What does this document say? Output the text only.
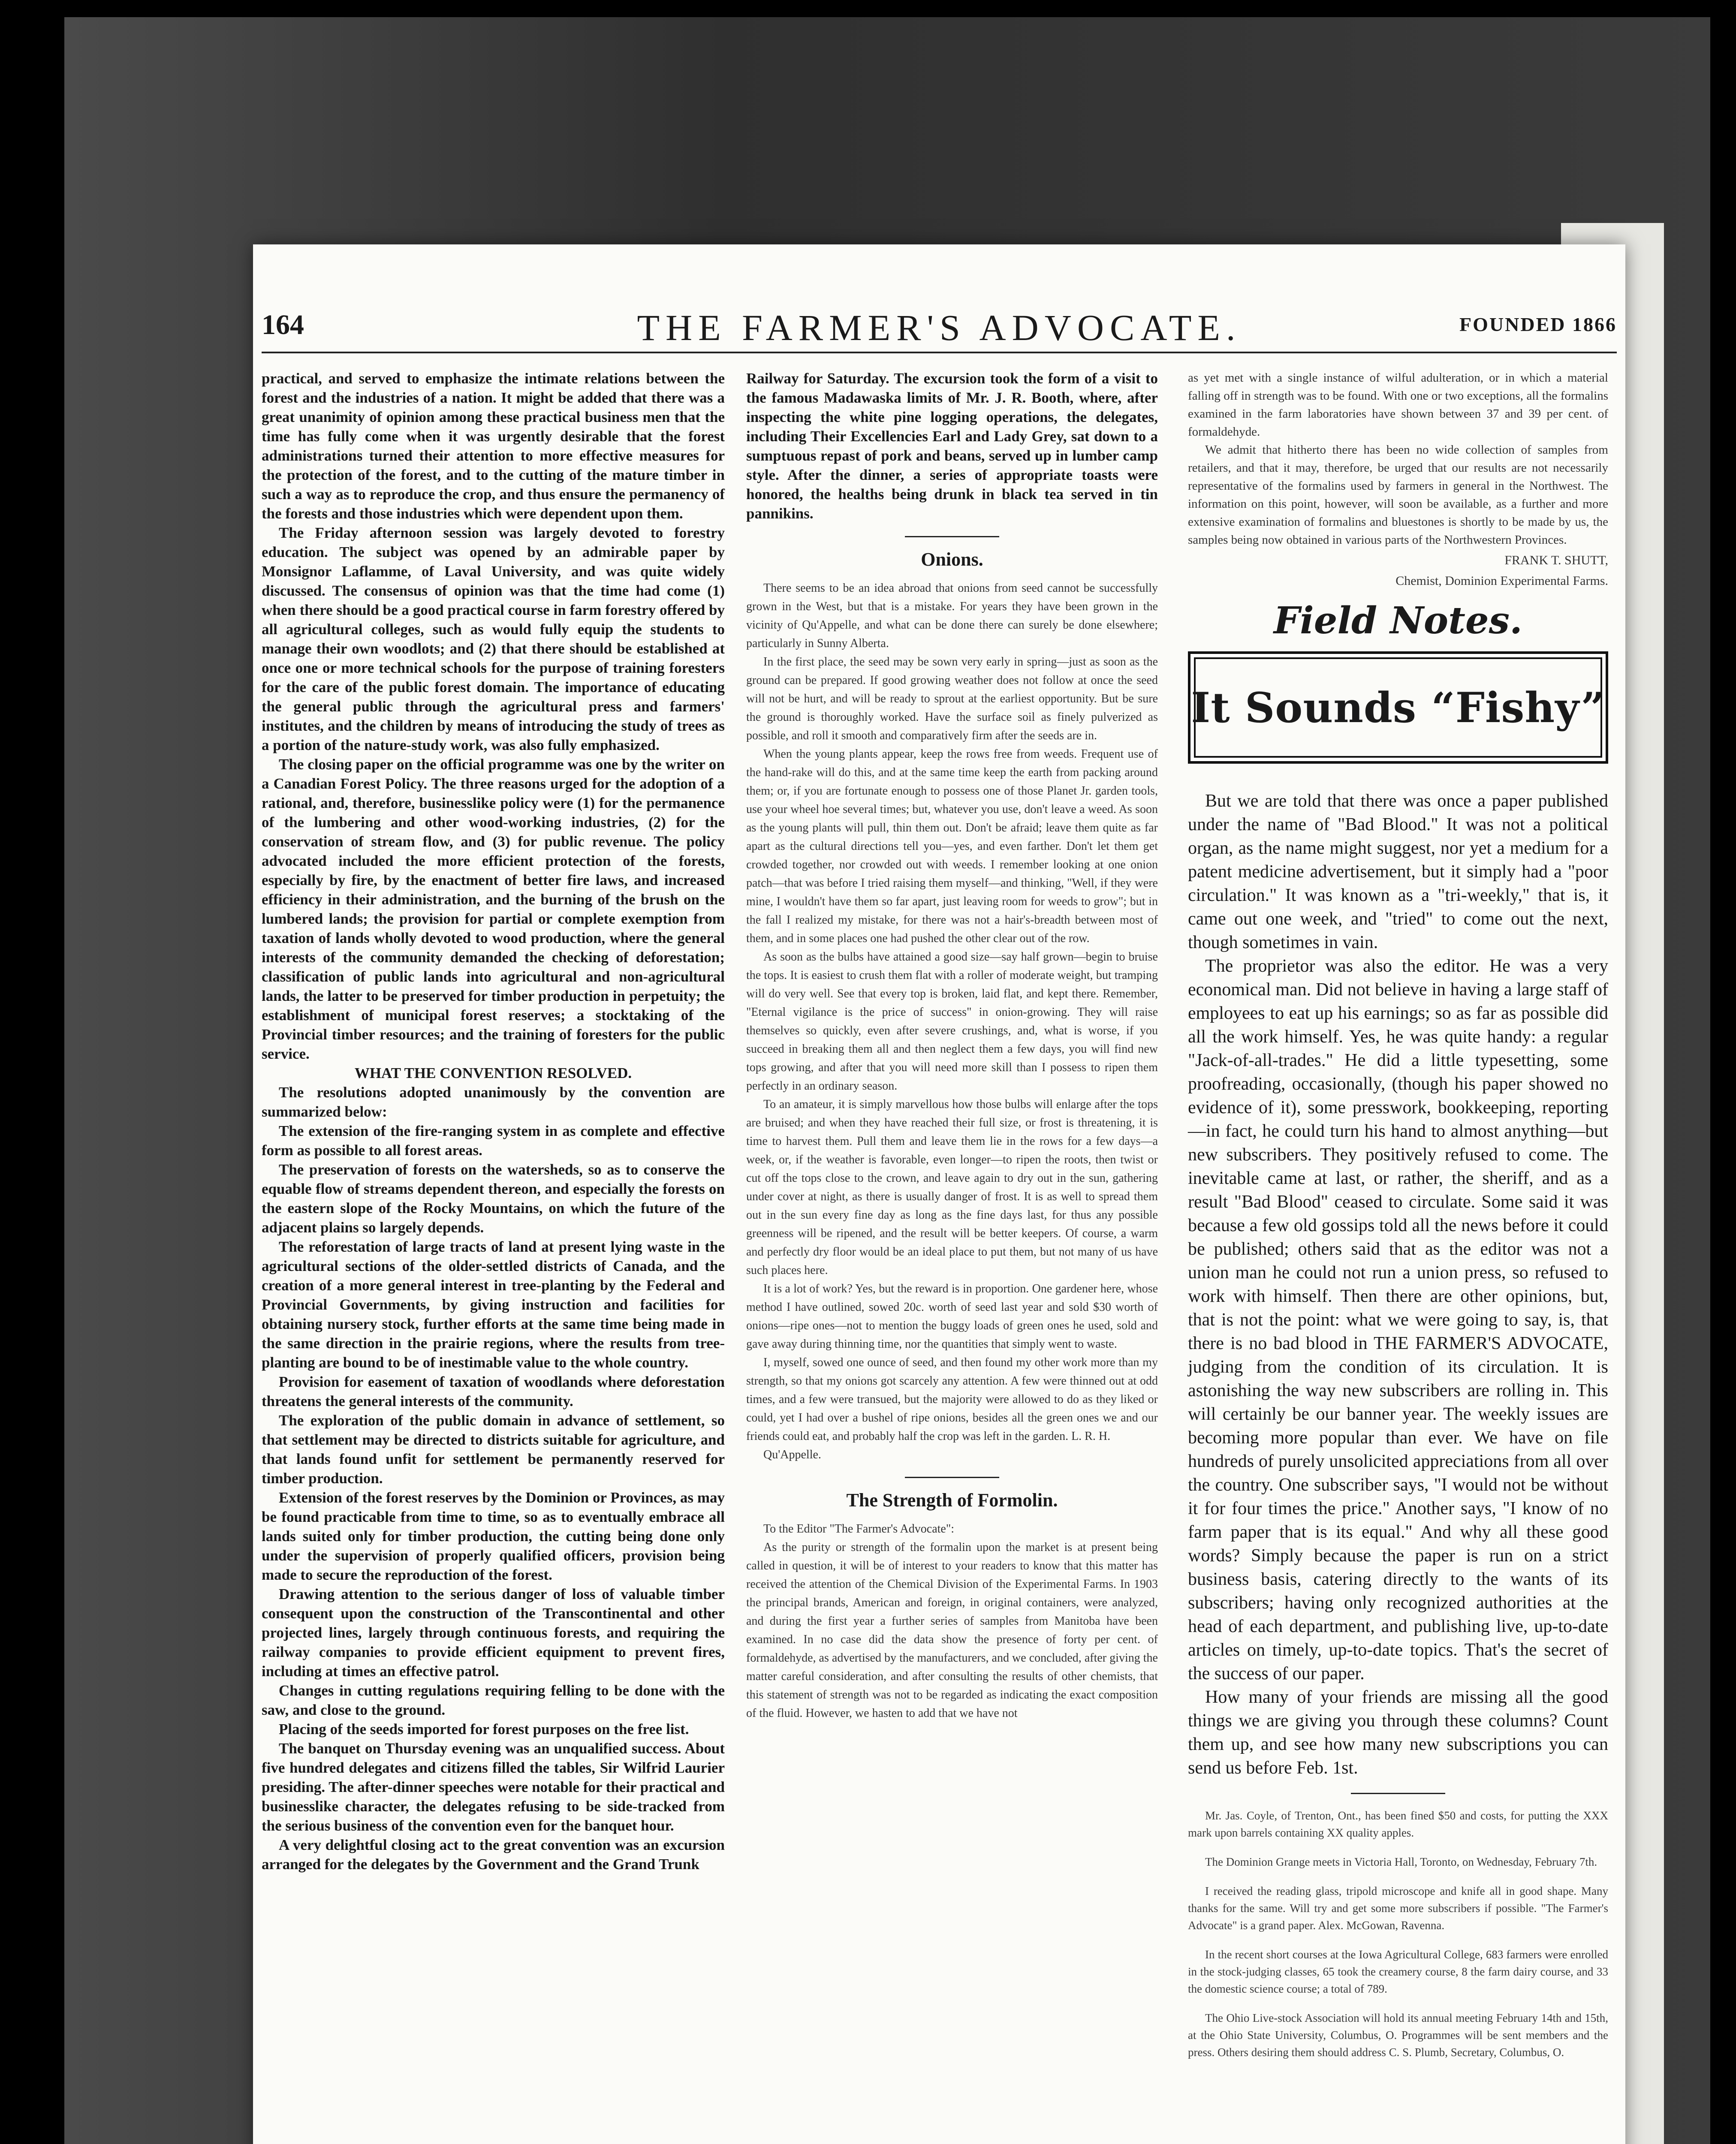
164	THE FARMER'S ADVOCATE.	FOUNDED 1866

practical, and served to emphasize the intimate relations between the forest and the industries of a nation. It might be added that there was a great unanimity of opinion among these practical business men that the time has fully come when it was urgently desirable that the forest administrations turned their attention to more effective measures for the protection of the forest, and to the cutting of the mature timber in such a way as to reproduce the crop, and thus ensure the permanency of the forests and those industries which were dependent upon them.

The Friday afternoon session was largely devoted to forestry education. The subject was opened by an admirable paper by Monsignor Laflamme, of Laval University, and was quite widely discussed. The consensus of opinion was that the time had come (1) when there should be a good practical course in farm forestry offered by all agricultural colleges, such as would fully equip the students to manage their own woodlots; and (2) that there should be established at once one or more technical schools for the purpose of training foresters for the care of the public forest domain. The importance of educating the general public through the agricultural press and farmers' institutes, and the children by means of introducing the study of trees as a portion of the nature-study work, was also fully emphasized.

The closing paper on the official programme was one by the writer on a Canadian Forest Policy. The three reasons urged for the adoption of a rational, and, therefore, businesslike policy were (1) for the permanence of the lumbering and other wood-working industries, (2) for the conservation of stream flow, and (3) for public revenue. The policy advocated included the more efficient protection of the forests, especially by fire, by the enactment of better fire laws, and increased efficiency in their administration, and the burning of the brush on the lumbered lands; the provision for partial or complete exemption from taxation of lands wholly devoted to wood production, where the general interests of the community demanded the checking of deforestation; classification of public lands into agricultural and non-agricultural lands, the latter to be preserved for timber production in perpetuity; the establishment of municipal forest reserves; a stocktaking of the Provincial timber resources; and the training of foresters for the public service.

WHAT THE CONVENTION RESOLVED.

The resolutions adopted unanimously by the convention are summarized below:

The extension of the fire-ranging system in as complete and effective form as possible to all forest areas.

The preservation of forests on the watersheds, so as to conserve the equable flow of streams dependent thereon, and especially the forests on the eastern slope of the Rocky Mountains, on which the future of the adjacent plains so largely depends.

The reforestation of large tracts of land at present lying waste in the agricultural sections of the older-settled districts of Canada, and the creation of a more general interest in tree-planting by the Federal and Provincial Governments, by giving instruction and facilities for obtaining nursery stock, further efforts at the same time being made in the same direction in the prairie regions, where the results from tree-planting are bound to be of inestimable value to the whole country.

Provision for easement of taxation of woodlands where deforestation threatens the general interests of the community.

The exploration of the public domain in advance of settlement, so that settlement may be directed to districts suitable for agriculture, and that lands found unfit for settlement be permanently reserved for timber production.

Extension of the forest reserves by the Dominion or Provinces, as may be found practicable from time to time, so as to eventually embrace all lands suited only for timber production, the cutting being done only under the supervision of properly qualified officers, provision being made to secure the reproduction of the forest.

Drawing attention to the serious danger of loss of valuable timber consequent upon the construction of the Transcontinental and other projected lines, largely through continuous forests, and requiring the railway companies to provide efficient equipment to prevent fires, including at times an effective patrol.

Changes in cutting regulations requiring felling to be done with the saw, and close to the ground.

Placing of the seeds imported for forest purposes on the free list.

The banquet on Thursday evening was an unqualified success. About five hundred delegates and citizens filled the tables, Sir Wilfrid Laurier presiding. The after-dinner speeches were notable for their practical and businesslike character, the delegates refusing to be side-tracked from the serious business of the convention even for the banquet hour.

A very delightful closing act to the great convention was an excursion arranged for the delegates by the Government and the Grand Trunk

Railway for Saturday. The excursion took the form of a visit to the famous Madawaska limits of Mr. J. R. Booth, where, after inspecting the white pine logging operations, the delegates, including Their Excellencies Earl and Lady Grey, sat down to a sumptuous repast of pork and beans, served up in lumber camp style. After the dinner, a series of appropriate toasts were honored, the healths being drunk in black tea served in tin pannikins.

Onions.

There seems to be an idea abroad that onions from seed cannot be successfully grown in the West, but that is a mistake. For years they have been grown in the vicinity of Qu'Appelle, and what can be done there can surely be done elsewhere; particularly in Sunny Alberta.

In the first place, the seed may be sown very early in spring—just as soon as the ground can be prepared. If good growing weather does not follow at once the seed will not be hurt, and will be ready to sprout at the earliest opportunity. But be sure the ground is thoroughly worked. Have the surface soil as finely pulverized as possible, and roll it smooth and comparatively firm after the seeds are in.

When the young plants appear, keep the rows free from weeds. Frequent use of the hand-rake will do this, and at the same time keep the earth from packing around them; or, if you are fortunate enough to possess one of those Planet Jr. garden tools, use your wheel hoe several times; but, whatever you use, don't leave a weed. As soon as the young plants will pull, thin them out. Don't be afraid; leave them quite as far apart as the cultural directions tell you—yes, and even farther. Don't let them get crowded together, nor crowded out with weeds. I remember looking at one onion patch—that was before I tried raising them myself—and thinking, "Well, if they were mine, I wouldn't have them so far apart, just leaving room for weeds to grow"; but in the fall I realized my mistake, for there was not a hair's-breadth between most of them, and in some places one had pushed the other clear out of the row.

As soon as the bulbs have attained a good size—say half grown—begin to bruise the tops. It is easiest to crush them flat with a roller of moderate weight, but tramping will do very well. See that every top is broken, laid flat, and kept there. Remember, "Eternal vigilance is the price of success" in onion-growing. They will raise themselves so quickly, even after severe crushings, and, what is worse, if you succeed in breaking them all and then neglect them a few days, you will find new tops growing, and after that you will need more skill than I possess to ripen them perfectly in an ordinary season.

To an amateur, it is simply marvellous how those bulbs will enlarge after the tops are bruised; and when they have reached their full size, or frost is threatening, it is time to harvest them. Pull them and leave them lie in the rows for a few days—a week, or, if the weather is favorable, even longer—to ripen the roots, then twist or cut off the tops close to the crown, and leave again to dry out in the sun, gathering under cover at night, as there is usually danger of frost. It is as well to spread them out in the sun every fine day as long as the fine days last, for thus any possible greenness will be ripened, and the result will be better keepers. Of course, a warm and perfectly dry floor would be an ideal place to put them, but not many of us have such places here.

It is a lot of work? Yes, but the reward is in proportion. One gardener here, whose method I have outlined, sowed 20c. worth of seed last year and sold $30 worth of onions—ripe ones—not to mention the buggy loads of green ones he used, sold and gave away during thinning time, nor the quantities that simply went to waste.

I, myself, sowed one ounce of seed, and then found my other work more than my strength, so that my onions got scarcely any attention. A few were thinned out at odd times, and a few were transued, but the majority were allowed to do as they liked or could, yet I had over a bushel of ripe onions, besides all the green ones we and our friends could eat, and probably half the crop was left in the garden. L. R. H.

Qu'Appelle.

The Strength of Formolin.

To the Editor "The Farmer's Advocate":

As the purity or strength of the formalin upon the market is at present being called in question, it will be of interest to your readers to know that this matter has received the attention of the Chemical Division of the Experimental Farms. In 1903 the principal brands, American and foreign, in original containers, were analyzed, and during the first year a further series of samples from Manitoba have been examined. In no case did the data show the presence of forty per cent. of formaldehyde, as advertised by the manufacturers, and we concluded, after giving the matter careful consideration, and after consulting the results of other chemists, that this statement of strength was not to be regarded as indicating the exact composition of the fluid. However, we hasten to add that we have not

as yet met with a single instance of wilful adulteration, or in which a material falling off in strength was to be found. With one or two exceptions, all the formalins examined in the farm laboratories have shown between 37 and 39 per cent. of formaldehyde.

We admit that hitherto there has been no wide collection of samples from retailers, and that it may, therefore, be urged that our results are not necessarily representative of the formalins used by farmers in general in the Northwest. The information on this point, however, will soon be available, as a further and more extensive examination of formalins and bluestones is shortly to be made by us, the samples being now obtained in various parts of the Northwestern Provinces.

FRANK T. SHUTT,
Chemist, Dominion Experimental Farms.
Field Notes.
It Sounds “Fishy”

But we are told that there was once a paper published under the name of "Bad Blood." It was not a political organ, as the name might suggest, nor yet a medium for a patent medicine advertisement, but it simply had a "poor circulation." It was known as a "tri-weekly," that is, it came out one week, and "tried" to come out the next, though sometimes in vain.

The proprietor was also the editor. He was a very economical man. Did not believe in having a large staff of employees to eat up his earnings; so as far as possible did all the work himself. Yes, he was quite handy: a regular "Jack-of-all-trades." He did a little typesetting, some proofreading, occasionally, (though his paper showed no evidence of it), some presswork, bookkeeping, reporting—in fact, he could turn his hand to almost anything—but new subscribers. They positively refused to come. The inevitable came at last, or rather, the sheriff, and as a result "Bad Blood" ceased to circulate. Some said it was because a few old gossips told all the news before it could be published; others said that as the editor was not a union man he could not run a union press, so refused to work with himself. Then there are other opinions, but, that is not the point: what we were going to say, is, that there is no bad blood in THE FARMER'S ADVOCATE, judging from the condition of its circulation. It is astonishing the way new subscribers are rolling in. This will certainly be our banner year. The weekly issues are becoming more popular than ever. We have on file hundreds of purely unsolicited appreciations from all over the country. One subscriber says, "I would not be without it for four times the price." Another says, "I know of no farm paper that is its equal." And why all these good words? Simply because the paper is run on a strict business basis, catering directly to the wants of its subscribers; having only recognized authorities at the head of each department, and publishing live, up-to-date articles on timely, up-to-date topics. That's the secret of the success of our paper.

How many of your friends are missing all the good things we are giving you through these columns? Count them up, and see how many new subscriptions you can send us before Feb. 1st.

Mr. Jas. Coyle, of Trenton, Ont., has been fined $50 and costs, for putting the XXX mark upon barrels containing XX quality apples.

The Dominion Grange meets in Victoria Hall, Toronto, on Wednesday, February 7th.

I received the reading glass, tripold microscope and knife all in good shape. Many thanks for the same. Will try and get some more subscribers if possible. "The Farmer's Advocate" is a grand paper. Alex. McGowan, Ravenna.

In the recent short courses at the Iowa Agricultural College, 683 farmers were enrolled in the stock-judging classes, 65 took the creamery course, 8 the farm dairy course, and 33 the domestic science course; a total of 789.

The Ohio Live-stock Association will hold its annual meeting February 14th and 15th, at the Ohio State University, Columbus, O. Programmes will be sent members and the press. Others desiring them should address C. S. Plumb, Secretary, Columbus, O.
